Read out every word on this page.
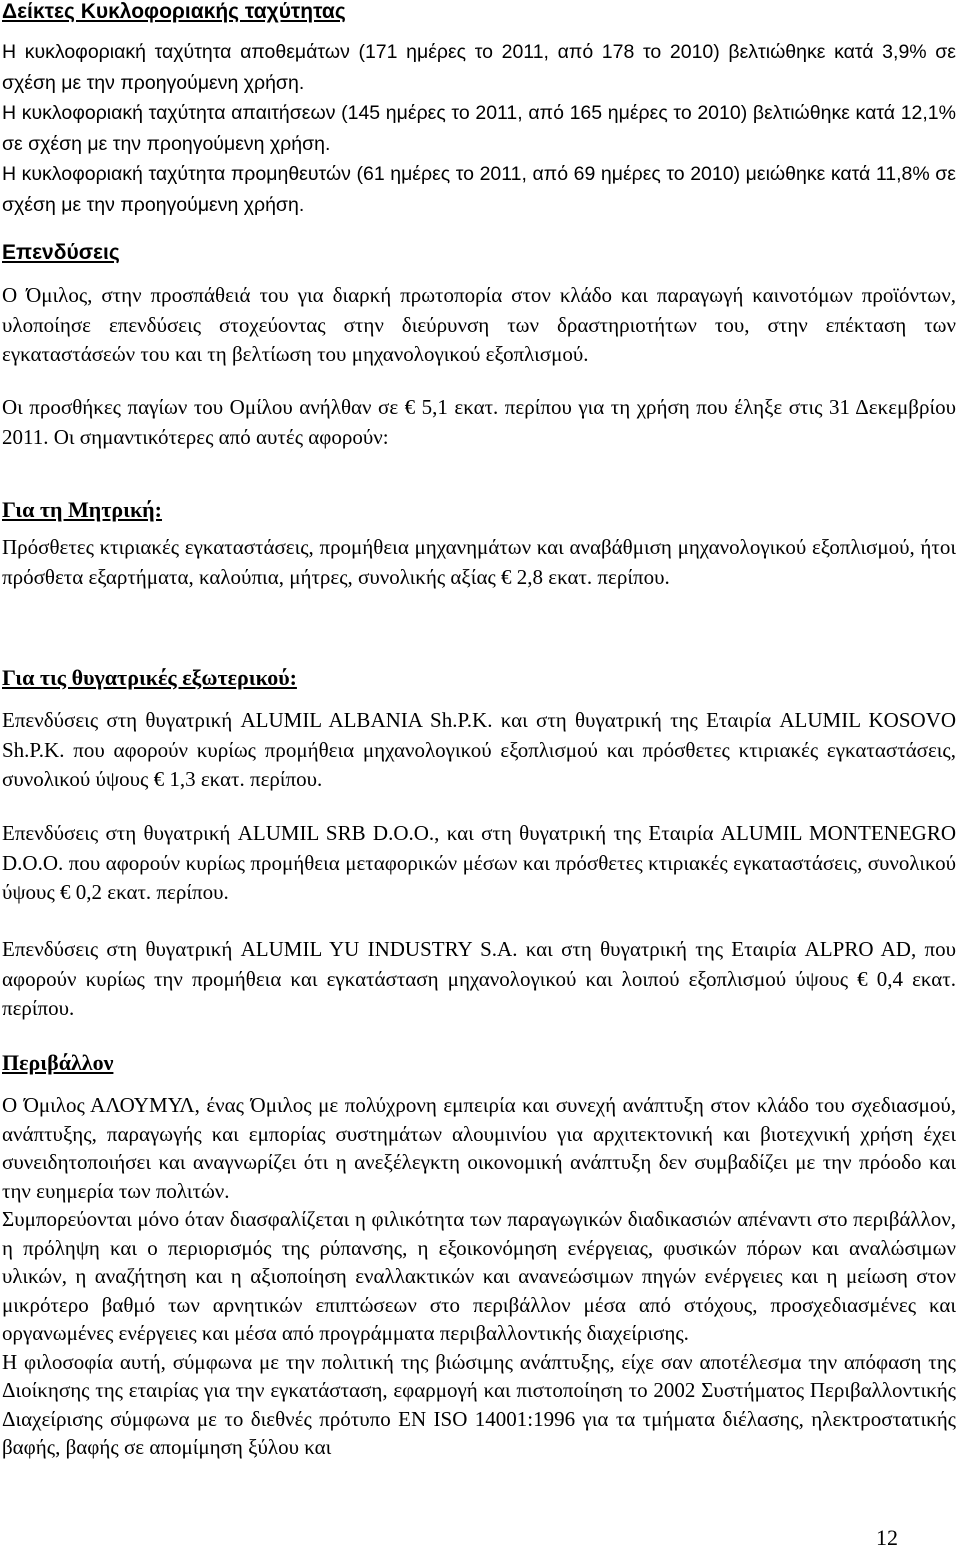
Δείκτες Κυκλοφοριακής ταχύτητας

Η κυκλοφοριακή ταχύτητα αποθεμάτων (171 ημέρες το 2011, από 178 το 2010) βελτιώθηκε κατά 3,9% σε σχέση με την προηγούμενη χρήση.

Η κυκλοφοριακή ταχύτητα απαιτήσεων (145 ημέρες το 2011, από 165 ημέρες το 2010) βελτιώθηκε κατά 12,1% σε σχέση με την προηγούμενη χρήση.

Η κυκλοφοριακή ταχύτητα προμηθευτών (61 ημέρες το 2011, από 69 ημέρες το 2010) μειώθηκε κατά 11,8% σε σχέση με την προηγούμενη χρήση.

Επενδύσεις

Ο Όμιλος, στην προσπάθειά του για διαρκή πρωτοπορία στον κλάδο και παραγωγή καινοτόμων προϊόντων, υλοποίησε επενδύσεις στοχεύοντας στην διεύρυνση των δραστηριοτήτων του, στην επέκταση των εγκαταστάσεών του και τη βελτίωση του μηχανολογικού εξοπλισμού.

Οι προσθήκες παγίων του Ομίλου ανήλθαν σε € 5,1 εκατ. περίπου για τη χρήση που έληξε στις 31 Δεκεμβρίου 2011. Οι σημαντικότερες από αυτές αφορούν:

Για τη Μητρική:

Πρόσθετες κτιριακές εγκαταστάσεις, προμήθεια μηχανημάτων και αναβάθμιση μηχανολογικού εξοπλισμού, ήτοι πρόσθετα εξαρτήματα, καλούπια, μήτρες, συνολικής αξίας € 2,8 εκατ. περίπου.

Για τις θυγατρικές εξωτερικού:

Επενδύσεις στη θυγατρική ALUMIL ALBANIA Sh.P.K. και στη θυγατρική της Εταιρία ALUMIL KOSOVO Sh.P.K. που αφορούν κυρίως προμήθεια μηχανολογικού εξοπλισμού και πρόσθετες κτιριακές εγκαταστάσεις, συνολικού ύψους € 1,3 εκατ. περίπου.

Επενδύσεις στη θυγατρική ALUMIL SRB D.O.O., και στη θυγατρική της Εταιρία ALUMIL MONTENEGRO D.O.O. που αφορούν κυρίως προμήθεια μεταφορικών μέσων και πρόσθετες κτιριακές εγκαταστάσεις, συνολικού ύψους € 0,2 εκατ. περίπου.

Επενδύσεις στη θυγατρική ALUMIL YU INDUSTRY S.A. και στη θυγατρική της Εταιρία ALPRO AD, που αφορούν κυρίως την προμήθεια και εγκατάσταση μηχανολογικού και λοιπού εξοπλισμού ύψους € 0,4 εκατ. περίπου.

Περιβάλλον

Ο Όμιλος ΑΛΟΥΜΥΛ, ένας Όμιλος με πολύχρονη εμπειρία και συνεχή ανάπτυξη στον κλάδο του σχεδιασμού, ανάπτυξης, παραγωγής και εμπορίας συστημάτων αλουμινίου για αρχιτεκτονική και βιοτεχνική χρήση έχει συνειδητοποιήσει και αναγνωρίζει ότι η ανεξέλεγκτη οικονομική ανάπτυξη δεν συμβαδίζει με την πρόοδο και την ευημερία των πολιτών.

Συμπορεύονται μόνο όταν διασφαλίζεται η φιλικότητα των παραγωγικών διαδικασιών απέναντι στο περιβάλλον, η πρόληψη και ο περιορισμός της ρύπανσης, η εξοικονόμηση ενέργειας, φυσικών πόρων και αναλώσιμων υλικών, η αναζήτηση και η αξιοποίηση εναλλακτικών και ανανεώσιμων πηγών ενέργειες και η μείωση στον μικρότερο βαθμό των αρνητικών επιπτώσεων στο περιβάλλον μέσα από στόχους, προσχεδιασμένες και οργανωμένες ενέργειες και μέσα από προγράμματα περιβαλλοντικής διαχείρισης.

Η φιλοσοφία αυτή, σύμφωνα με την πολιτική της βιώσιμης ανάπτυξης, είχε σαν αποτέλεσμα την απόφαση της Διοίκησης της εταιρίας για την εγκατάσταση, εφαρμογή και πιστοποίηση το 2002 Συστήματος Περιβαλλοντικής Διαχείρισης σύμφωνα με το διεθνές πρότυπο EN ISO 14001:1996 για τα τμήματα διέλασης, ηλεκτροστατικής βαφής, βαφής σε απομίμηση ξύλου και

12
